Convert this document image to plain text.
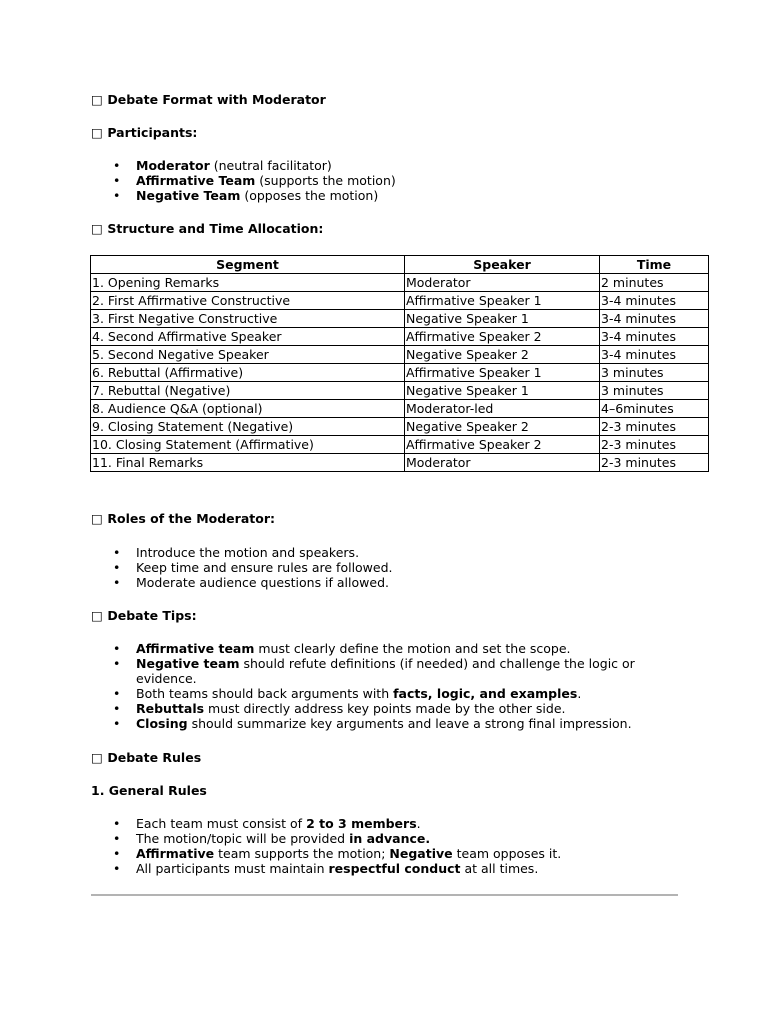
□ Debate Format with Moderator
□ Participants:
• Moderator (neutral facilitator)
• Affirmative Team (supports the motion)
• Negative Team (opposes the motion)
□ Structure and Time Allocation:
Segment	Speaker	Time
1. Opening Remarks	Moderator	2 minutes
2. First Affirmative Constructive	Affirmative Speaker 1	3-4 minutes
3. First Negative Constructive	Negative Speaker 1	3-4 minutes
4. Second Affirmative Speaker	Affirmative Speaker 2	3-4 minutes
5. Second Negative Speaker	Negative Speaker 2	3-4 minutes
6. Rebuttal (Affirmative)	Affirmative Speaker 1	3 minutes
7. Rebuttal (Negative)	Negative Speaker 1	3 minutes
8. Audience Q&A (optional)	Moderator-led	4–6minutes
9. Closing Statement (Negative)	Negative Speaker 2	2-3 minutes
10. Closing Statement (Affirmative)	Affirmative Speaker 2	2-3 minutes
11. Final Remarks	Moderator	2-3 minutes
□ Roles of the Moderator:
• Introduce the motion and speakers.
• Keep time and ensure rules are followed.
• Moderate audience questions if allowed.
□ Debate Tips:
• Affirmative team must clearly define the motion and set the scope.
• Negative team should refute definitions (if needed) and challenge the logic or evidence.
• Both teams should back arguments with facts, logic, and examples.
• Rebuttals must directly address key points made by the other side.
• Closing should summarize key arguments and leave a strong final impression.
□ Debate Rules
1. General Rules
• Each team must consist of 2 to 3 members.
• The motion/topic will be provided in advance.
• Affirmative team supports the motion; Negative team opposes it.
• All participants must maintain respectful conduct at all times.
